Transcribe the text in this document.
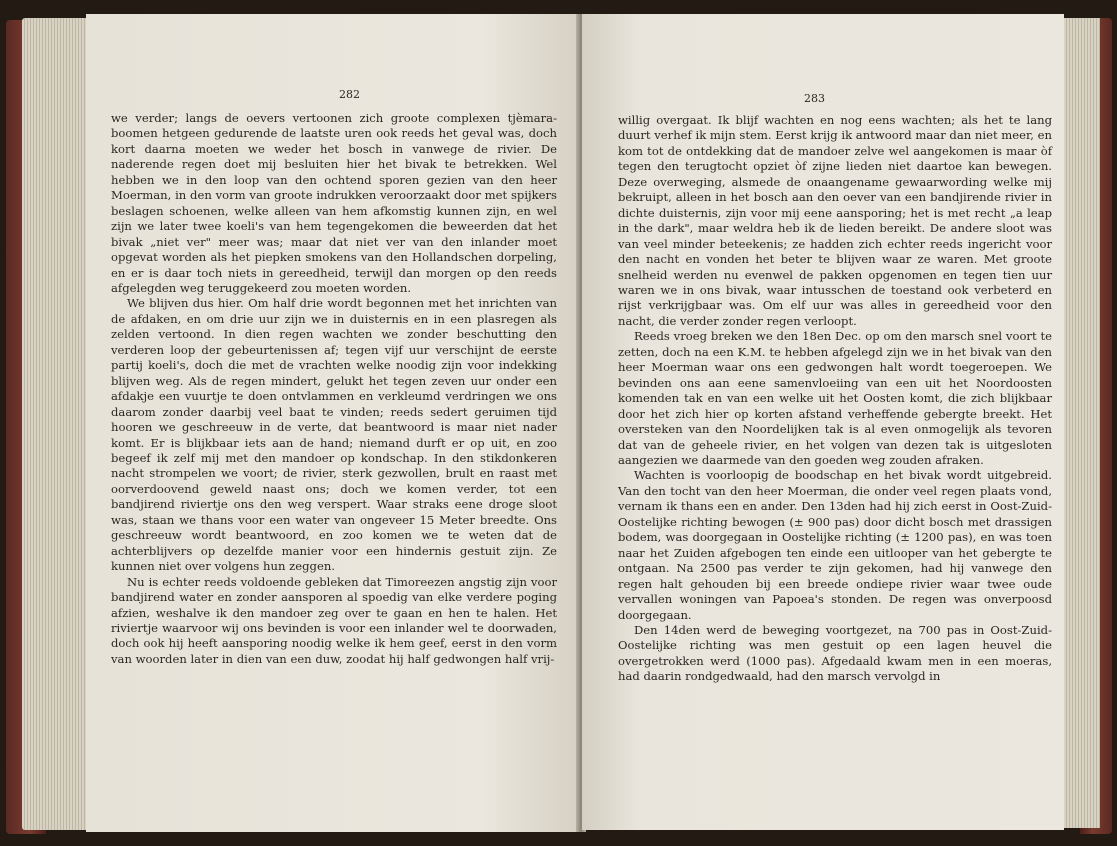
282

we verder; langs de oevers vertoonen zich groote complexen tjèmara-boomen hetgeen gedurende de laatste uren ook reeds het geval was, doch kort daarna moeten we weder het bosch in vanwege de rivier. De naderende regen doet mij besluiten hier het bivak te betrekken. Wel hebben we in den loop van den ochtend sporen gezien van den heer Moerman, in den vorm van groote indrukken veroorzaakt door met spijkers beslagen schoenen, welke alleen van hem afkomstig kunnen zijn, en wel zijn we later twee koeli's van hem tegengekomen die beweerden dat het bivak „niet ver" meer was; maar dat niet ver van den inlander moet opgevat worden als het piepken smokens van den Hollandschen dorpeling, en er is daar toch niets in gereedheid, terwijl dan morgen op den reeds afgelegden weg teruggekeerd zou moeten worden.

We blijven dus hier. Om half drie wordt begonnen met het inrichten van de afdaken, en om drie uur zijn we in duisternis en in een plasregen als zelden vertoond. In dien regen wachten we zonder beschutting den verderen loop der gebeurtenissen af; tegen vijf uur verschijnt de eerste partij koeli's, doch die met de vrachten welke noodig zijn voor indekking blijven weg. Als de regen mindert, gelukt het tegen zeven uur onder een afdakje een vuurtje te doen ontvlammen en verkleumd verdringen we ons daarom zonder daarbij veel baat te vinden; reeds sedert geruimen tijd hooren we geschreeuw in de verte, dat beantwoord is maar niet nader komt. Er is blijkbaar iets aan de hand; niemand durft er op uit, en zoo begeef ik zelf mij met den mandoer op kondschap. In den stikdonkeren nacht strompelen we voort; de rivier, sterk gezwollen, brult en raast met oorverdoovend geweld naast ons; doch we komen verder, tot een bandjirend riviertje ons den weg verspert. Waar straks eene droge sloot was, staan we thans voor een water van ongeveer 15 Meter breedte. Ons geschreeuw wordt beantwoord, en zoo komen we te weten dat de achterblijvers op dezelfde manier voor een hindernis gestuit zijn. Ze kunnen niet over volgens hun zeggen.

Nu is echter reeds voldoende gebleken dat Timoreezen angstig zijn voor bandjirend water en zonder aansporen al spoedig van elke verdere poging afzien, weshalve ik den mandoer zeg over te gaan en hen te halen. Het riviertje waarvoor wij ons bevinden is voor een inlander wel te doorwaden, doch ook hij heeft aansporing noodig welke ik hem geef, eerst in den vorm van woorden later in dien van een duw, zoodat hij half gedwongen half vrij-

283

willig overgaat. Ik blijf wachten en nog eens wachten; als het te lang duurt verhef ik mijn stem. Eerst krijg ik antwoord maar dan niet meer, en kom tot de ontdekking dat de mandoer zelve wel aangekomen is maar òf tegen den terugtocht opziet òf zijne lieden niet daartoe kan bewegen. Deze overweging, alsmede de onaangename gewaarwording welke mij bekruipt, alleen in het bosch aan den oever van een bandjirende rivier in dichte duisternis, zijn voor mij eene aansporing; het is met recht „a leap in the dark", maar weldra heb ik de lieden bereikt. De andere sloot was van veel minder beteekenis; ze hadden zich echter reeds ingericht voor den nacht en vonden het beter te blijven waar ze waren. Met groote snelheid werden nu evenwel de pakken opgenomen en tegen tien uur waren we in ons bivak, waar intusschen de toestand ook verbeterd en rijst verkrijgbaar was. Om elf uur was alles in gereedheid voor den nacht, die verder zonder regen verloopt.

Reeds vroeg breken we den 18en Dec. op om den marsch snel voort te zetten, doch na een K.M. te hebben afgelegd zijn we in het bivak van den heer Moerman waar ons een gedwongen halt wordt toegeroepen. We bevinden ons aan eene samenvloeiing van een uit het Noordoosten komenden tak en van een welke uit het Oosten komt, die zich blijkbaar door het zich hier op korten afstand verheffende gebergte breekt. Het oversteken van den Noordelijken tak is al even onmogelijk als tevoren dat van de geheele rivier, en het volgen van dezen tak is uitgesloten aangezien we daarmede van den goeden weg zouden afraken.

Wachten is voorloopig de boodschap en het bivak wordt uitgebreid. Van den tocht van den heer Moerman, die onder veel regen plaats vond, vernam ik thans een en ander. Den 13den had hij zich eerst in Oost-Zuid-Oostelijke richting bewogen (± 900 pas) door dicht bosch met drassigen bodem, was doorgegaan in Oostelijke richting (± 1200 pas), en was toen naar het Zuiden afgebogen ten einde een uitlooper van het gebergte te ontgaan. Na 2500 pas verder te zijn gekomen, had hij vanwege den regen halt gehouden bij een breede ondiepe rivier waar twee oude vervallen woningen van Papoea's stonden. De regen was onverpoosd doorgegaan.

Den 14den werd de beweging voortgezet, na 700 pas in Oost-Zuid-Oostelijke richting was men gestuit op een lagen heuvel die overgetrokken werd (1000 pas). Afgedaald kwam men in een moeras, had daarin rondgedwaald, had den marsch vervolgd in
